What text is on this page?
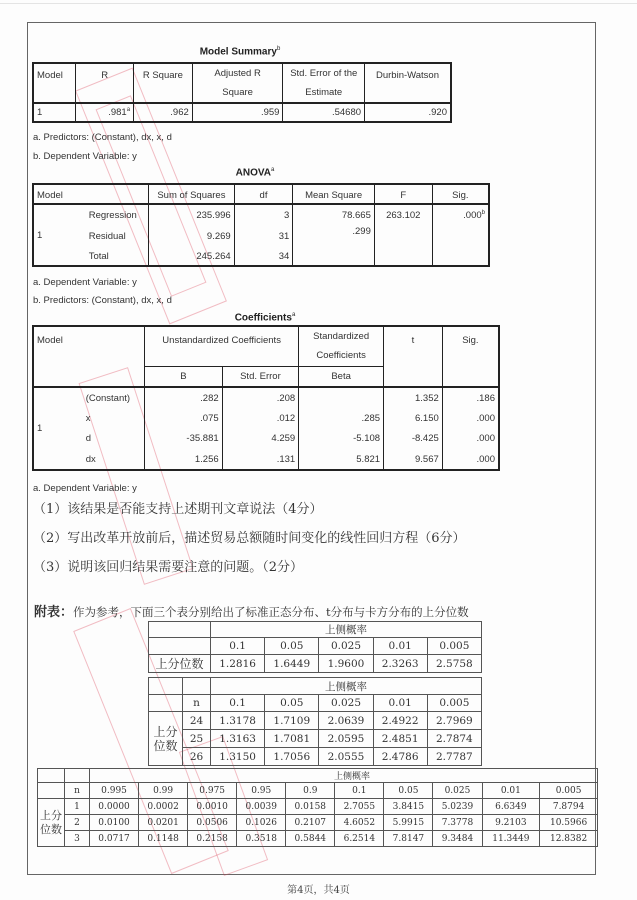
Model Summary$^b$
Model	R	R Square	Adjusted R Square	Std. Error of the Estimate	Durbin-Watson
1	.981$^a$	.962	.959	.54680	.920
a. Predictors: (Constant), dx, x, d
b. Dependent Variable: y
ANOVA$^a$
Model		Sum of Squares	df	Mean Square	F	Sig.
1	Regression	235.996	3	78.665	263.102	.000$^b$
	Residual	9.269	31	.299		
	Total	245.264	34			
a. Dependent Variable: y
b. Predictors: (Constant), dx, x, d
Coefficients$^a$
Model		Unstandardized Coefficients		Standardized Coefficients	t	Sig.
		B	Std. Error	Beta		
1	(Constant)	.282	.208		1.352	.186
	x	.075	.012	.285	6.150	.000
	d	-35.881	4.259	-5.108	-8.425	.000
	dx	1.256	.131	5.821	9.567	.000
a. Dependent Variable: y
（1）该结果是否能支持上述期刊文章说法（4分）
（2）写出改革开放前后，描述贸易总额随时间变化的线性回归方程（6分）
（3）说明该回归结果需要注意的问题。（2分）
附表：作为参考，下面三个表分别给出了标准正态分布、t分布与卡方分布的上分位数
	上侧概率				
	0.1	0.05	0.025	0.01	0.005
上分位数	1.2816	1.6449	1.9600	2.3263	2.5758
		上侧概率				
	n	0.1	0.05	0.025	0.01	0.005
上分位数	24	1.3178	1.7109	2.0639	2.4922	2.7969
	25	1.3163	1.7081	2.0595	2.4851	2.7874
	26	1.3150	1.7056	2.0555	2.4786	2.7787
		上侧概率									
	n	0.995	0.99	0.975	0.95	0.9	0.1	0.05	0.025	0.01	0.005
上分位数	1	0.0000	0.0002	0.0010	0.0039	0.0158	2.7055	3.8415	5.0239	6.6349	7.8794
	2	0.0100	0.0201	0.0506	0.1026	0.2107	4.6052	5.9915	7.3778	9.2103	10.5966
	3	0.0717	0.1148	0.2158	0.3518	0.5844	6.2514	7.8147	9.3484	11.3449	12.8382
第4页，共4页
